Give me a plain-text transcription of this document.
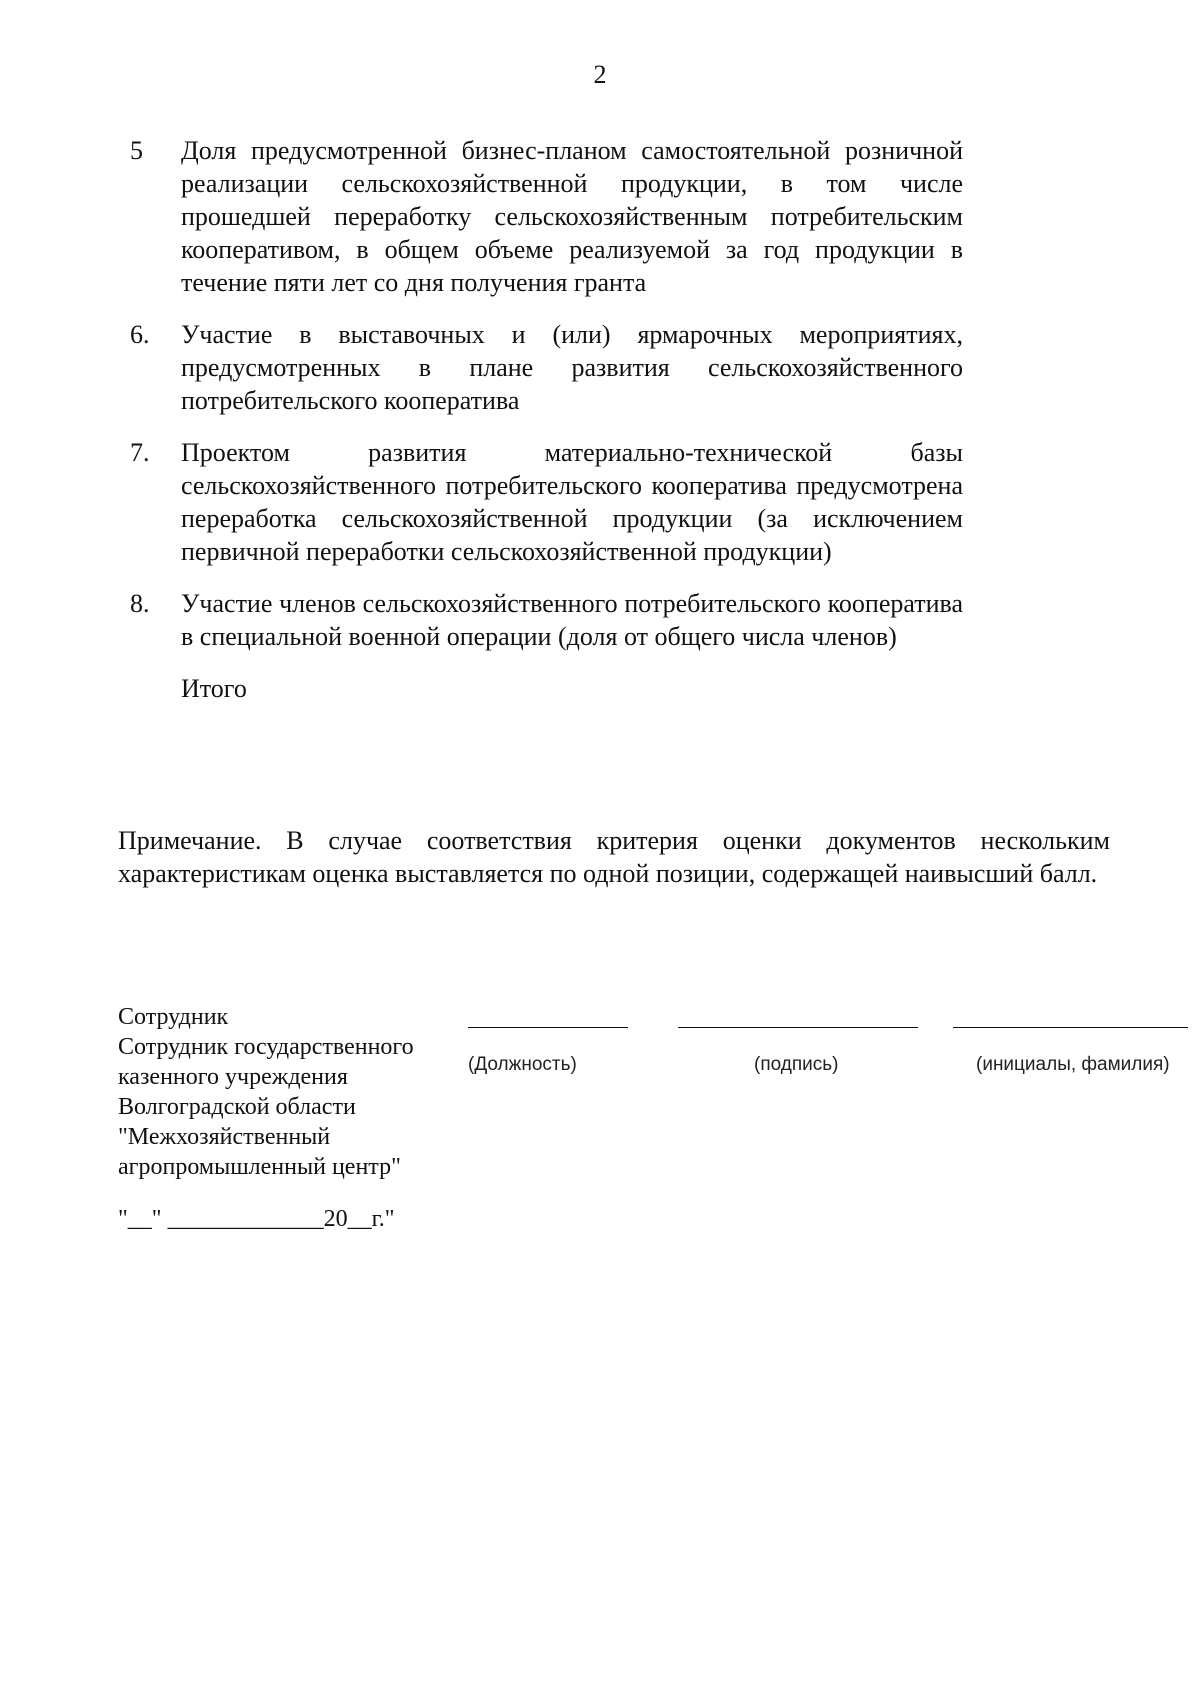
2
5 Доля предусмотренной бизнес-планом самостоятельной розничной реализации сельскохозяйственной продукции, в том числе прошедшей переработку сельскохозяйственным потребительским кооперативом, в общем объеме реализуемой за год продукции в течение пяти лет со дня получения гранта
6. Участие в выставочных и (или) ярмарочных мероприятиях, предусмотренных в плане развития сельскохозяйственного потребительского кооператива
7. Проектом развития материально-технической базы сельскохозяйственного потребительского кооператива предусмотрена переработка сельскохозяйственной продукции (за исключением первичной переработки сельскохозяйственной продукции)
8. Участие членов сельскохозяйственного потребительского кооператива в специальной военной операции (доля от общего числа членов)
Итого
Примечание. В случае соответствия критерия оценки документов нескольким характеристикам оценка выставляется по одной позиции, содержащей наивысший балл.
Сотрудник
Сотрудник государственного
казенного учреждения
Волгоградской области
"Межхозяйственный
агропромышленный центр"
(Должность)	(подпись)	(инициалы, фамилия)
"__" _____________20__г."
